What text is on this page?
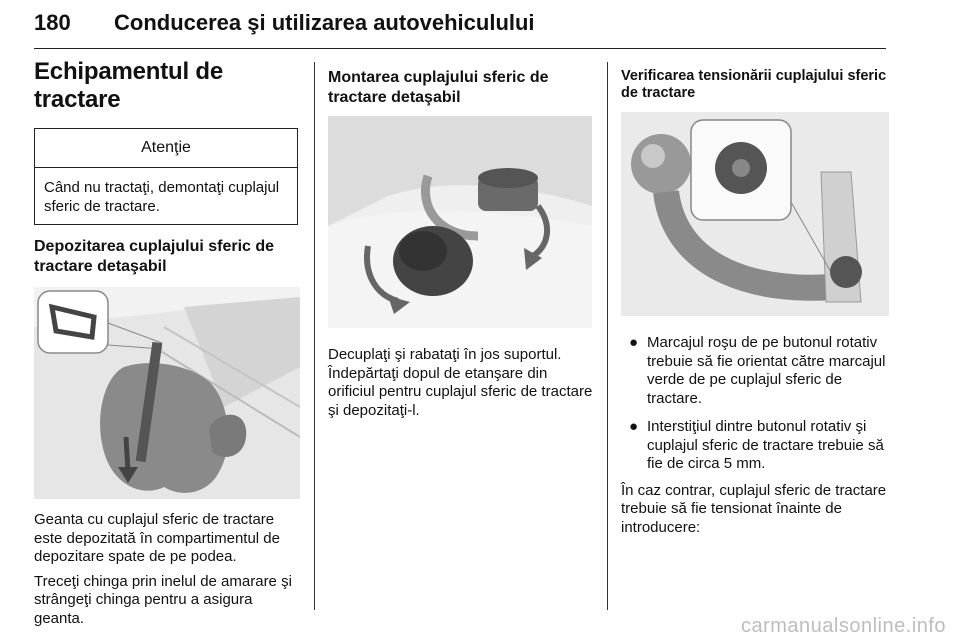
180 Conducerea şi utilizarea autovehiculului
Echipamentul de tractare
Atenţie
Când nu tractaţi, demontaţi cuplajul sferic de tractare.
Depozitarea cuplajului sferic de tractare detaşabil

Geanta cu cuplajul sferic de tractare este depozitată în compartimentul de depozitare spate de pe podea.

Treceţi chinga prin inelul de amarare şi strângeţi chinga pentru a asigura geanta.

Montarea cuplajului sferic de tractare detaşabil

Decuplaţi şi rabataţi în jos suportul. Îndepărtaţi dopul de etanşare din orificiul pentru cuplajul sferic de tractare şi depozitaţi-l.

Verificarea tensionării cuplajului sferic de tractare
● Marcajul roşu de pe butonul rotativ trebuie să fie orientat către marcajul verde de pe cuplajul sferic de tractare.
● Interstiţiul dintre butonul rotativ şi cuplajul sferic de tractare trebuie să fie de circa 5 mm.

În caz contrar, cuplajul sferic de tractare trebuie să fie tensionat înainte de introducere:

carmanualsonline.info
